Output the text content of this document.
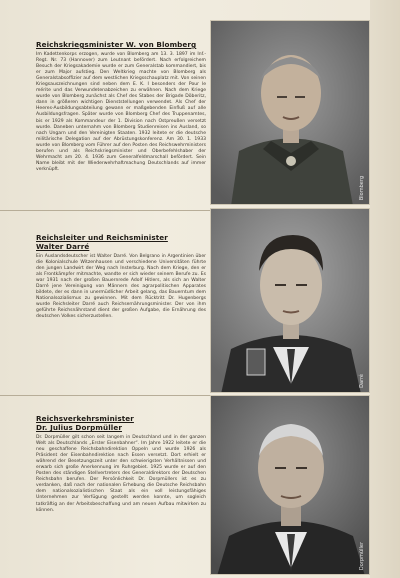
Reichskriegsminister W. von Blomberg

Im Kadettenkorps erzogen, wurde von Blomberg am 13. 3. 1897 im Inf.-Regt. Nr. 73 (Hannover) zum Leutnant befördert. Nach erfolgreichem Besuch der Kriegsakademie wurde er zum Generalstab kommandiert, bis er zum Major aufstieg. Den Weltkrieg machte von Blomberg als Generalstabsoffizier auf dem westlichen Kriegsschauplatz mit. Von seinen Kriegsauszeichnungen sind neben dem E. K. I besonders der Pour le mérite und das Verwundetenabzeichen zu erwähnen. Nach dem Kriege wurde von Blomberg zunächst als Chef des Stabes der Brigade Döberitz, dann in größeren wichtigen Dienststellungen verwendet. Als Chef der Heeres-Ausbildungsabteilung gewann er maßgebenden Einfluß auf alle Ausbildungsfragen. Später wurde von Blomberg Chef des Truppenamtes, bis er 1929 als Kommandeur der 1. Division nach Ostpreußen versetzt wurde. Daneben unternahm von Blomberg Studienreisen ins Ausland, so nach Ungarn und den Vereinigten Staaten. 1932 leitete er die deutsche militärische Delegation auf der Abrüstungskonferenz. Am 30. 1. 1933 wurde von Blomberg vom Führer auf den Posten des Reichswehrministers berufen und als Reichskriegsminister und Oberbefehlshaber der Wehrmacht am 20. 4. 1936 zum Generalfeldmarschall befördert. Sein Name bleibt mit der Wiederwehrhaftmachung Deutschlands auf immer verknüpft.

Blomberg
Reichsleiter und Reichsminister
Walter Darré

Ein Auslandsdeutscher ist Walter Darré. Von Belgrano in Argentinien über die Kolonialschule Witzenhausen und verschiedene Universitäten führte den jungen Landwirt der Weg nach Insterburg. Nach dem Kriege, den er als Frontkämpfer mitmachte, wandte er sich wieder seinem Berufe zu. Es war 1931 nach der großen Bauernrede Adolf Hitlers, als sich an Walter Darré jene Vereinigung von Männern des agrarpolitischen Apparates bildete, der es dann in unermüdlicher Arbeit gelang, das Bauerntum dem Nationalsozialismus zu gewinnen. Mit dem Rücktritt Dr. Hugenbergs wurde Reichsleiter Darré auch Reichsernährungsminister. Der von ihm geführte Reichsnährstand dient der großen Aufgabe, die Ernährung des deutschen Volkes sicherzustellen.

Darré
Reichsverkehrsminister
Dr. Julius Dorpmüller

Dr. Dorpmüller gilt schon seit langem in Deutschland und in der ganzen Welt als Deutschlands „Erster Eisenbahner“. Im Jahre 1922 leitete er die neu geschaffene Reichsbahndirektion Oppeln und wurde 1926 als Präsident der Eisenbahndirektion nach Essen versetzt. Dort erhielt er während der Besetzungszeit unter den schwierigsten Verhältnissen und erwarb sich große Anerkennung im Ruhrgebiet. 1925 wurde er auf den Posten des ständigen Stellvertreters des Generaldirektors der Deutschen Reichsbahn berufen. Der Persönlichkeit Dr. Dorpmüllers ist es zu verdanken, daß nach der nationalen Erhebung die Deutsche Reichsbahn dem nationalsozialistischen Staat als ein voll leistungsfähiges Unternehmen zur Verfügung gestellt werden konnte, um sogleich tatkräftig an der Arbeitsbeschaffung und am neuen Aufbau mitwirken zu können.

Dorpmüller
